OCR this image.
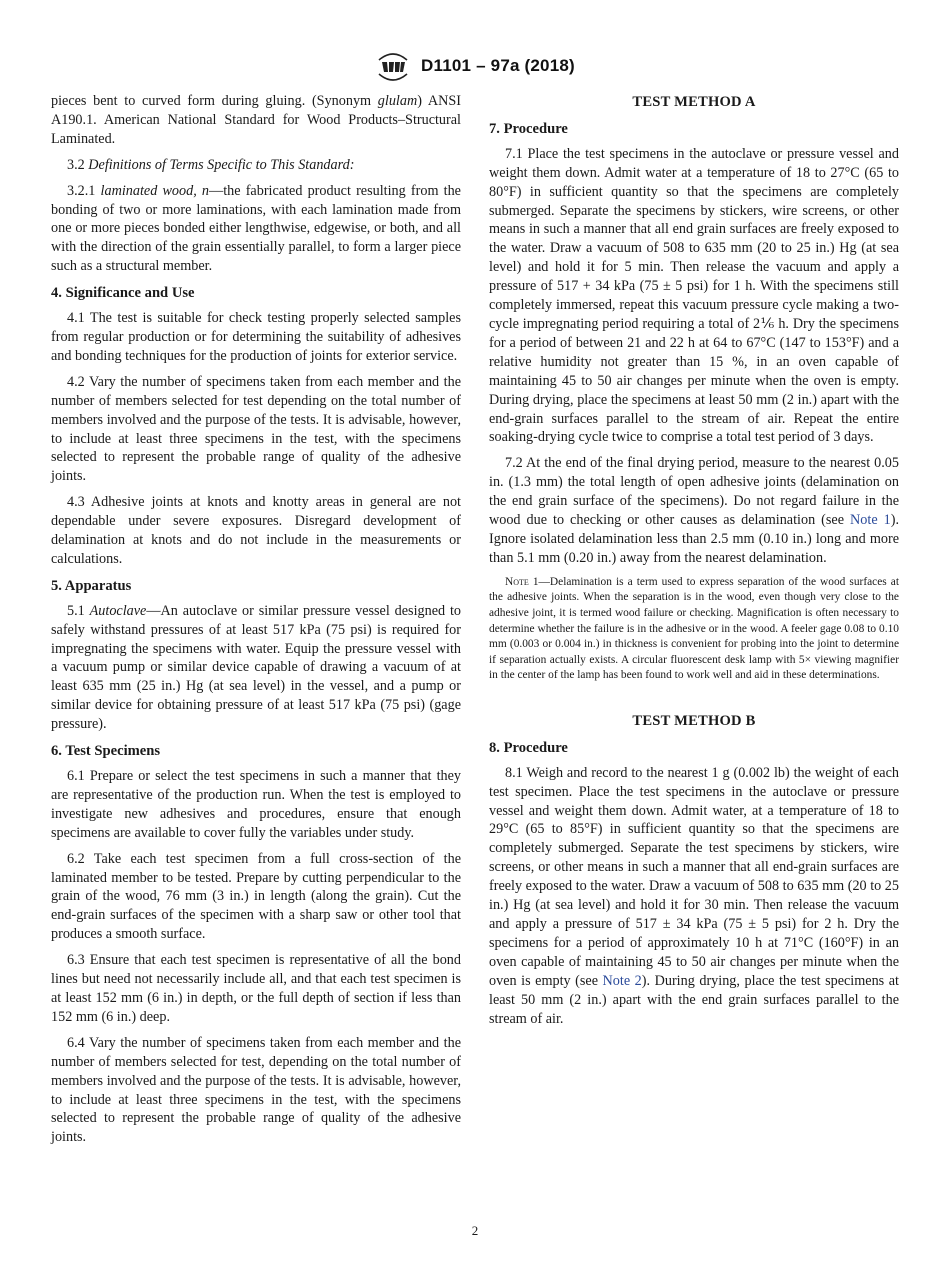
D1101 – 97a (2018)

pieces bent to curved form during gluing. (Synonym glulam) ANSI A190.1. American National Standard for Wood Products–Structural Laminated.

3.2 Definitions of Terms Specific to This Standard:

3.2.1 laminated wood, n—the fabricated product resulting from the bonding of two or more laminations, with each lamination made from one or more pieces bonded either lengthwise, edgewise, or both, and all with the direction of the grain essentially parallel, to form a larger piece such as a structural member.

4. Significance and Use

4.1 The test is suitable for check testing properly selected samples from regular production or for determining the suitability of adhesives and bonding techniques for the production of joints for exterior service.

4.2 Vary the number of specimens taken from each member and the number of members selected for test depending on the total number of members involved and the purpose of the tests. It is advisable, however, to include at least three specimens in the test, with the specimens selected to represent the probable range of quality of the adhesive joints.

4.3 Adhesive joints at knots and knotty areas in general are not dependable under severe exposures. Disregard development of delamination at knots and do not include in the measurements or calculations.

5. Apparatus

5.1 Autoclave—An autoclave or similar pressure vessel designed to safely withstand pressures of at least 517 kPa (75 psi) is required for impregnating the specimens with water. Equip the pressure vessel with a vacuum pump or similar device capable of drawing a vacuum of at least 635 mm (25 in.) Hg (at sea level) in the vessel, and a pump or similar device for obtaining pressure of at least 517 kPa (75 psi) (gage pressure).

6. Test Specimens

6.1 Prepare or select the test specimens in such a manner that they are representative of the production run. When the test is employed to investigate new adhesives and procedures, ensure that enough specimens are available to cover fully the variables under study.

6.2 Take each test specimen from a full cross-section of the laminated member to be tested. Prepare by cutting perpendicular to the grain of the wood, 76 mm (3 in.) in length (along the grain). Cut the end-grain surfaces of the specimen with a sharp saw or other tool that produces a smooth surface.

6.3 Ensure that each test specimen is representative of all the bond lines but need not necessarily include all, and that each test specimen is at least 152 mm (6 in.) in depth, or the full depth of section if less than 152 mm (6 in.) deep.

6.4 Vary the number of specimens taken from each member and the number of members selected for test, depending on the total number of members involved and the purpose of the tests. It is advisable, however, to include at least three specimens in the test, with the specimens selected to represent the probable range of quality of the adhesive joints.

TEST METHOD A
7. Procedure

7.1 Place the test specimens in the autoclave or pressure vessel and weight them down. Admit water at a temperature of 18 to 27°C (65 to 80°F) in sufficient quantity so that the specimens are completely submerged. Separate the specimens by stickers, wire screens, or other means in such a manner that all end grain surfaces are freely exposed to the water. Draw a vacuum of 508 to 635 mm (20 to 25 in.) Hg (at sea level) and hold it for 5 min. Then release the vacuum and apply a pressure of 517 + 34 kPa (75 ± 5 psi) for 1 h. With the specimens still completely immersed, repeat this vacuum pressure cycle making a two-cycle impregnating period requiring a total of 2⅙ h. Dry the specimens for a period of between 21 and 22 h at 64 to 67°C (147 to 153°F) and a relative humidity not greater than 15 %, in an oven capable of maintaining 45 to 50 air changes per minute when the oven is empty. During drying, place the specimens at least 50 mm (2 in.) apart with the end-grain surfaces parallel to the stream of air. Repeat the entire soaking-drying cycle twice to comprise a total test period of 3 days.

7.2 At the end of the final drying period, measure to the nearest 0.05 in. (1.3 mm) the total length of open adhesive joints (delamination on the end grain surface of the specimens). Do not regard failure in the wood due to checking or other causes as delamination (see Note 1). Ignore isolated delamination less than 2.5 mm (0.10 in.) long and more than 5.1 mm (0.20 in.) away from the nearest delamination.

Note 1—Delamination is a term used to express separation of the wood surfaces at the adhesive joints. When the separation is in the wood, even though very close to the adhesive joint, it is termed wood failure or checking. Magnification is often necessary to determine whether the failure is in the adhesive or in the wood. A feeler gage 0.08 to 0.10 mm (0.003 or 0.004 in.) in thickness is convenient for probing into the joint to determine if separation actually exists. A circular fluorescent desk lamp with 5× viewing magnifier in the center of the lamp has been found to work well and aid in these determinations.

TEST METHOD B
8. Procedure

8.1 Weigh and record to the nearest 1 g (0.002 lb) the weight of each test specimen. Place the test specimens in the autoclave or pressure vessel and weight them down. Admit water, at a temperature of 18 to 29°C (65 to 85°F) in sufficient quantity so that the specimens are completely submerged. Separate the test specimens by stickers, wire screens, or other means in such a manner that all end-grain surfaces are freely exposed to the water. Draw a vacuum of 508 to 635 mm (20 to 25 in.) Hg (at sea level) and hold it for 30 min. Then release the vacuum and apply a pressure of 517 ± 34 kPa (75 ± 5 psi) for 2 h. Dry the specimens for a period of approximately 10 h at 71°C (160°F) in an oven capable of maintaining 45 to 50 air changes per minute when the oven is empty (see Note 2). During drying, place the test specimens at least 50 mm (2 in.) apart with the end grain surfaces parallel to the stream of air.

2
